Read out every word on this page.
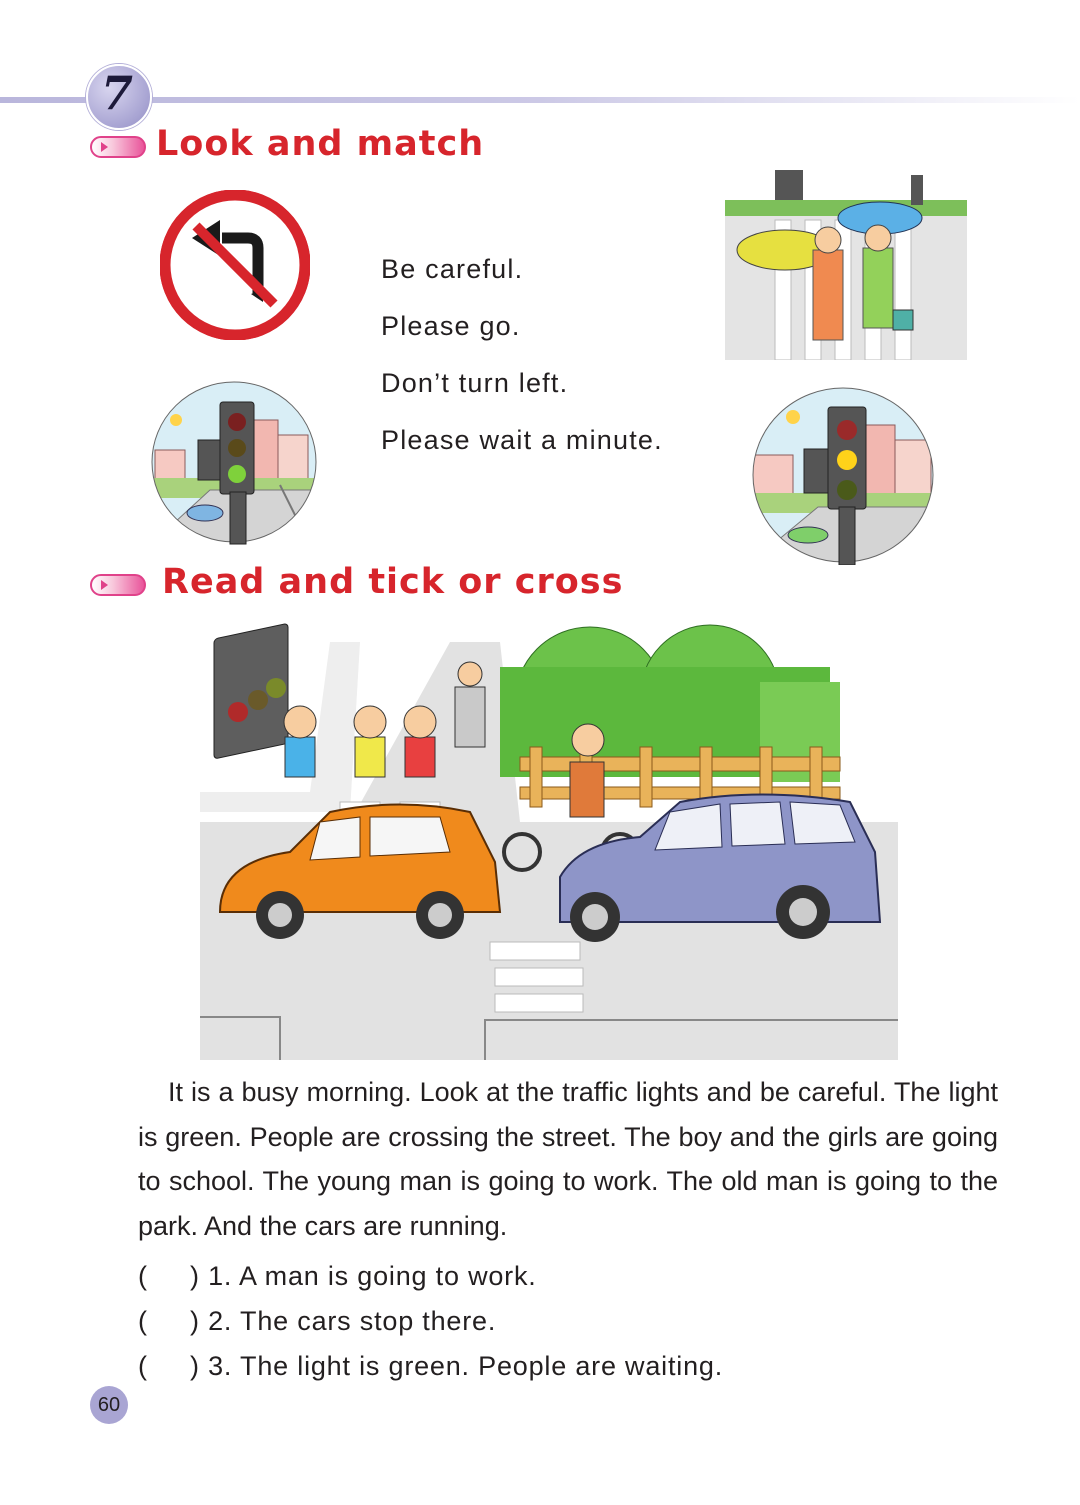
7
Look and match
Be careful.
Please go.
Don’t turn left.
Please wait a minute.
Read and tick or cross

It is a busy morning. Look at the traffic lights and be careful. The light is green. People are crossing the street. The boy and the girls are going to school. The young man is going to work. The old man is going to the park. And the cars are running.

( ) 1. A man is going to work.
( ) 2. The cars stop there.
( ) 3. The light is green. People are waiting.
60
